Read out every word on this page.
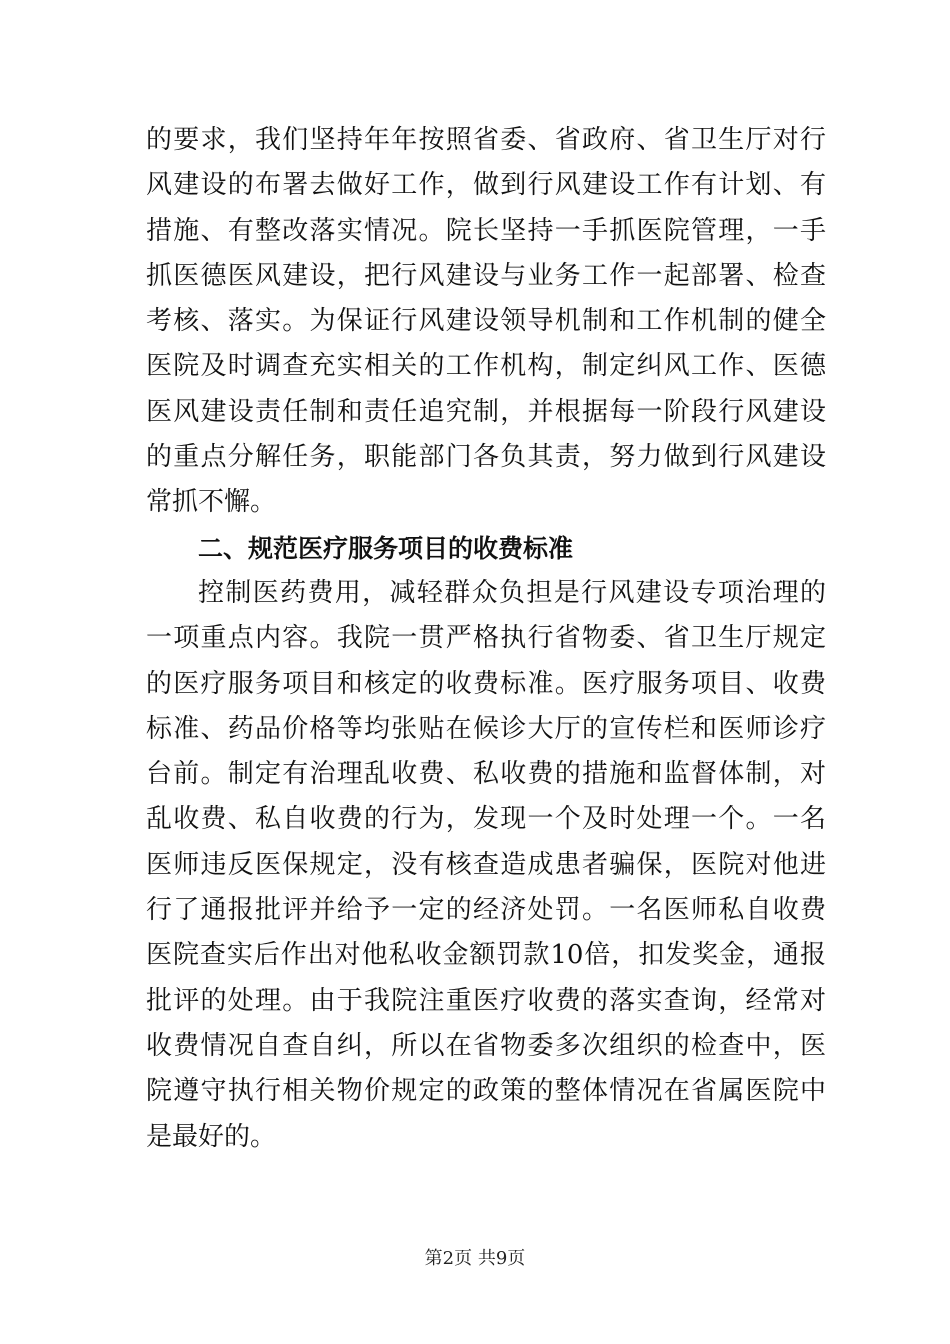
的要求，我们坚持年年按照省委、省政府、省卫生厅对行
风建设的布署去做好工作，做到行风建设工作有计划、有
措施、有整改落实情况。院长坚持一手抓医院管理，一手
抓医德医风建设，把行风建设与业务工作一起部署、检查
考核、落实。为保证行风建设领导机制和工作机制的健全
医院及时调查充实相关的工作机构，制定纠风工作、医德
医风建设责任制和责任追究制，并根据每一阶段行风建设
的重点分解任务，职能部门各负其责，努力做到行风建设
常抓不懈。
二、规范医疗服务项目的收费标准
控制医药费用，减轻群众负担是行风建设专项治理的
一项重点内容。我院一贯严格执行省物委、省卫生厅规定
的医疗服务项目和核定的收费标准。医疗服务项目、收费
标准、药品价格等均张贴在候诊大厅的宣传栏和医师诊疗
台前。制定有治理乱收费、私收费的措施和监督体制，对
乱收费、私自收费的行为，发现一个及时处理一个。一名
医师违反医保规定，没有核查造成患者骗保，医院对他进
行了通报批评并给予一定的经济处罚。一名医师私自收费
医院查实后作出对他私收金额罚款10倍，扣发奖金，通报
批评的处理。由于我院注重医疗收费的落实查询，经常对
收费情况自查自纠，所以在省物委多次组织的检查中，医
院遵守执行相关物价规定的政策的整体情况在省属医院中
是最好的。
第2页 共9页
